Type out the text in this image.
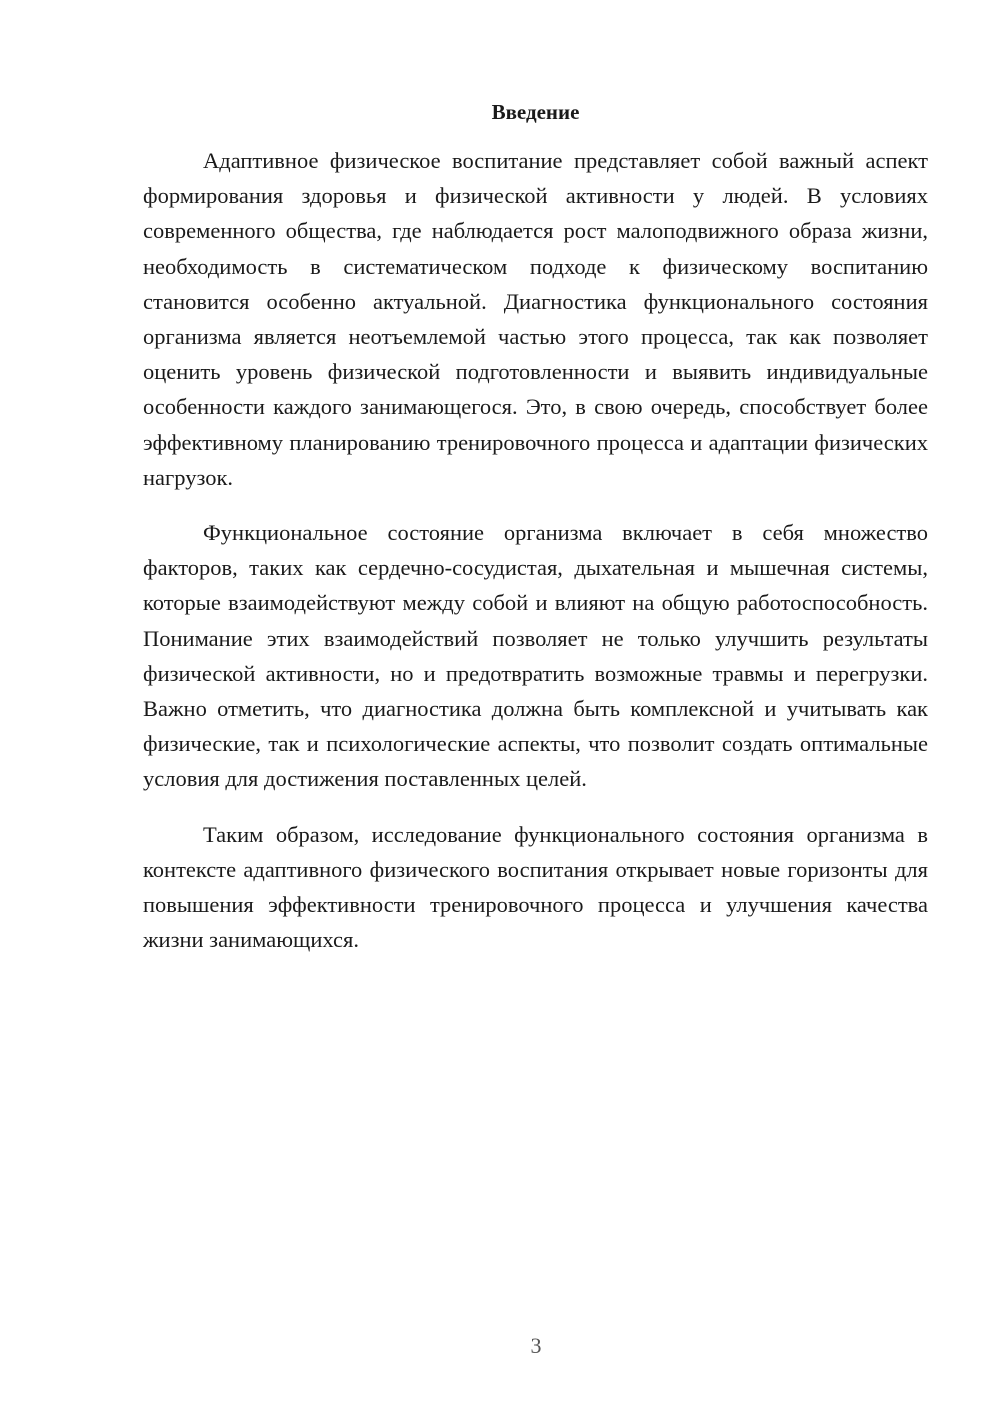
Введение

Адаптивное физическое воспитание представляет собой важный аспект формирования здоровья и физической активности у людей. В условиях современного общества, где наблюдается рост малоподвижного образа жизни, необходимость в систематическом подходе к физическому воспитанию становится особенно актуальной. Диагностика функционального состояния организма является неотъемлемой частью этого процесса, так как позволяет оценить уровень физической подготовленности и выявить индивидуальные особенности каждого занимающегося. Это, в свою очередь, способствует более эффективному планированию тренировочного процесса и адаптации физических нагрузок.

Функциональное состояние организма включает в себя множество факторов, таких как сердечно-сосудистая, дыхательная и мышечная системы, которые взаимодействуют между собой и влияют на общую работоспособность. Понимание этих взаимодействий позволяет не только улучшить результаты физической активности, но и предотвратить возможные травмы и перегрузки. Важно отметить, что диагностика должна быть комплексной и учитывать как физические, так и психологические аспекты, что позволит создать оптимальные условия для достижения поставленных целей.

Таким образом, исследование функционального состояния организма в контексте адаптивного физического воспитания открывает новые горизонты для повышения эффективности тренировочного процесса и улучшения качества жизни занимающихся.

3
